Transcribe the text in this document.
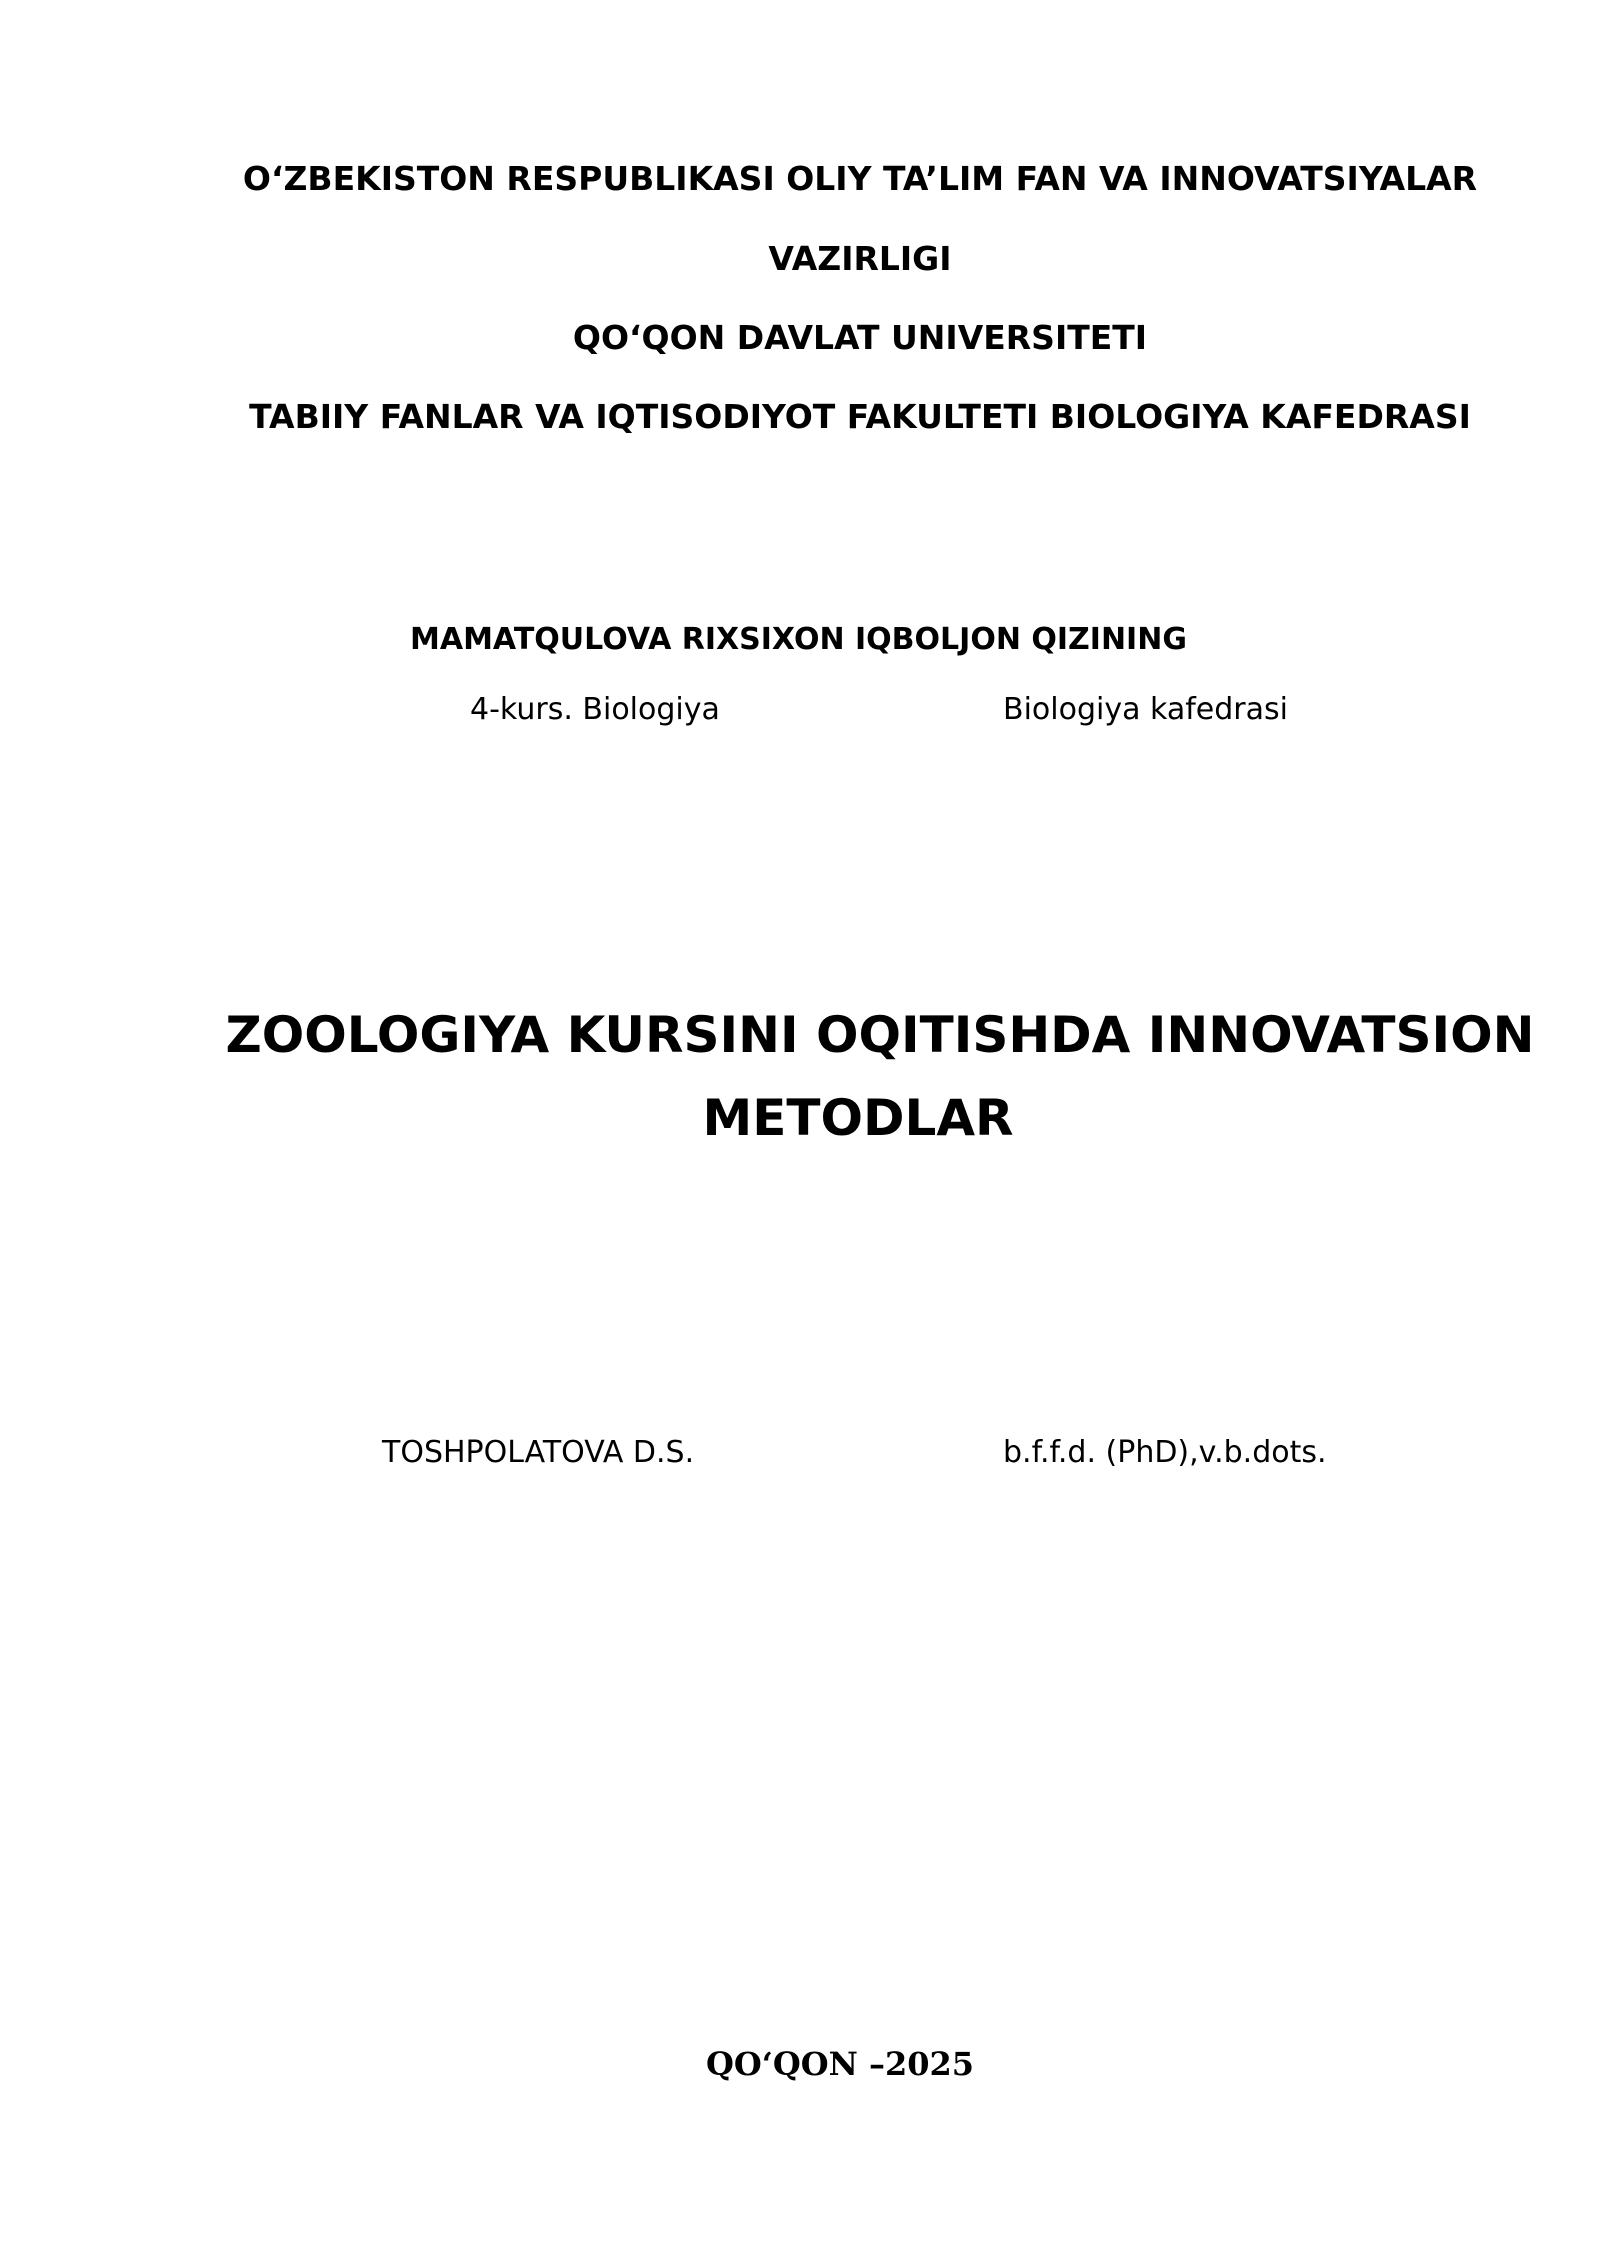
O‘ZBEKISTON RESPUBLIKASI OLIY TA’LIM FAN VA INNOVATSIYALAR
VAZIRLIGI
QO‘QON DAVLAT UNIVERSITETI
TABIIY FANLAR VA IQTISODIYOT FAKULTETI BIOLOGIYA KAFEDRASI
MAMATQULOVA RIXSIXON IQBOLJON QIZINING
4-kurs. Biologiya	Biologiya kafedrasi
ZOOLOGIYA KURSINI OQITISHDA INNOVATSION
METODLAR
TOSHPOLATOVA D.S.	b.f.f.d. (PhD),v.b.dots.
QO‘QON –2025
